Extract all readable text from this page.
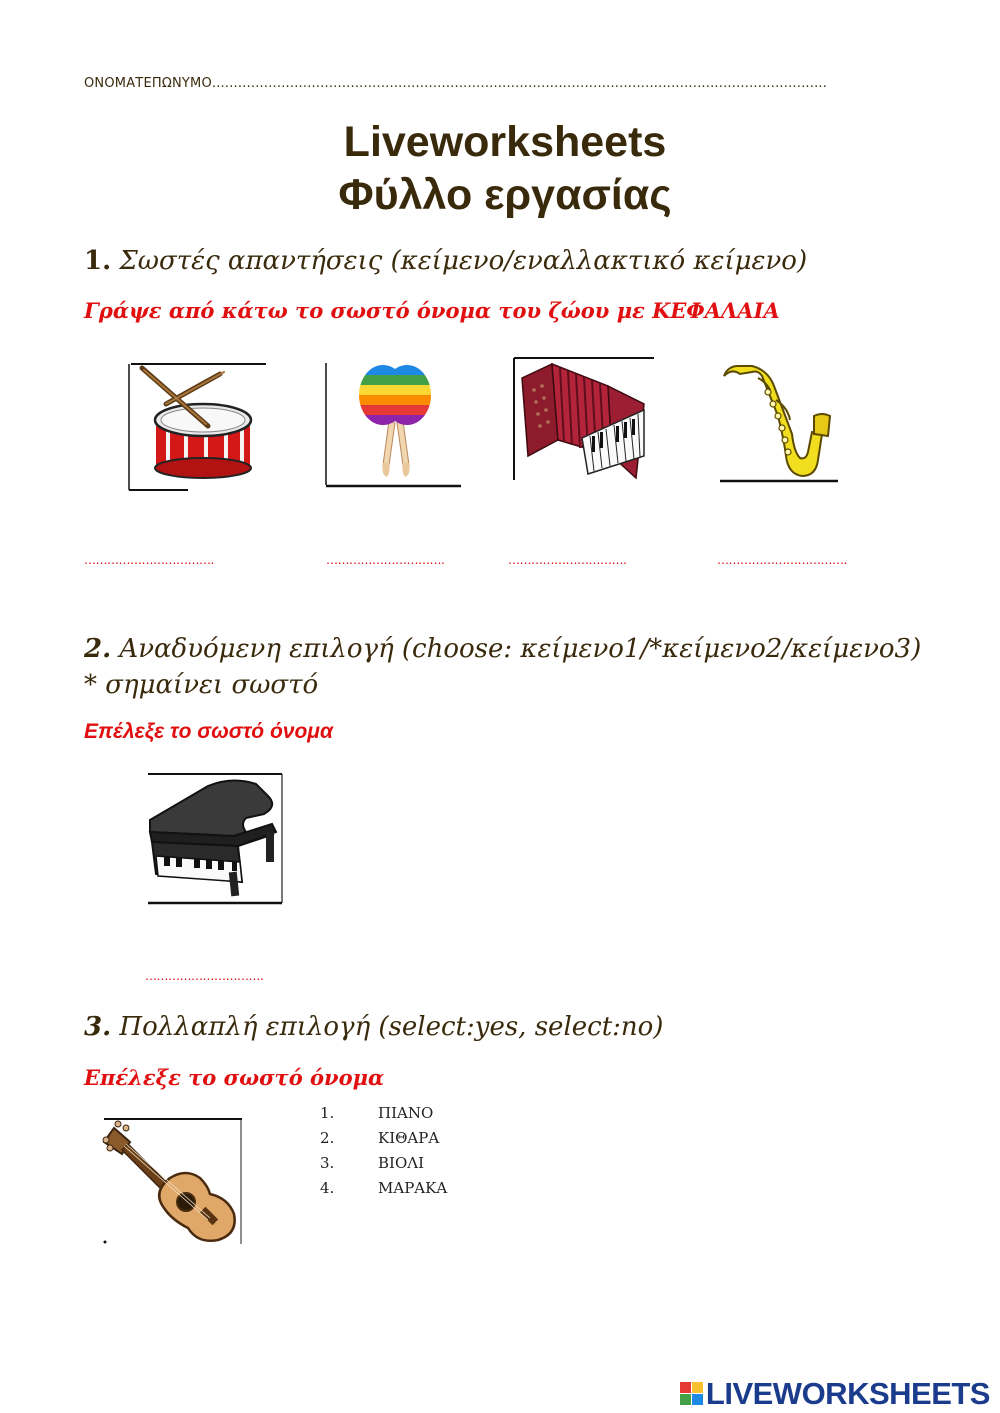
ΟΝΟΜΑΤΕΠΩΝΥΜΟ..............................................................................................................................................
Liveworksheets
Φύλλο εργασίας
1. Σωστές απαντήσεις (κείμενο/εναλλακτικό κείμενο)
Γράψε από κάτω το σωστό όνομα του ζώου με ΚΕΦΑΛΑΙΑ
…………………………….	………………………….	………………………….	…………………………….
2. Αναδυόμενη επιλογή (choose: κείμενο1/*κείμενο2/κείμενο3)
* σημαίνει σωστό
Επέλεξε το σωστό όνομα
………………………….
3. Πολλαπλή επιλογή (select:yes, select:no)
Επέλεξε το σωστό όνομα
1.	ΠΙΑΝΟ
2.	ΚΙΘΑΡΑ
3.	ΒΙΟΛΙ
4.	ΜΑΡΑΚΑ
LIVEWORKSHEETS
